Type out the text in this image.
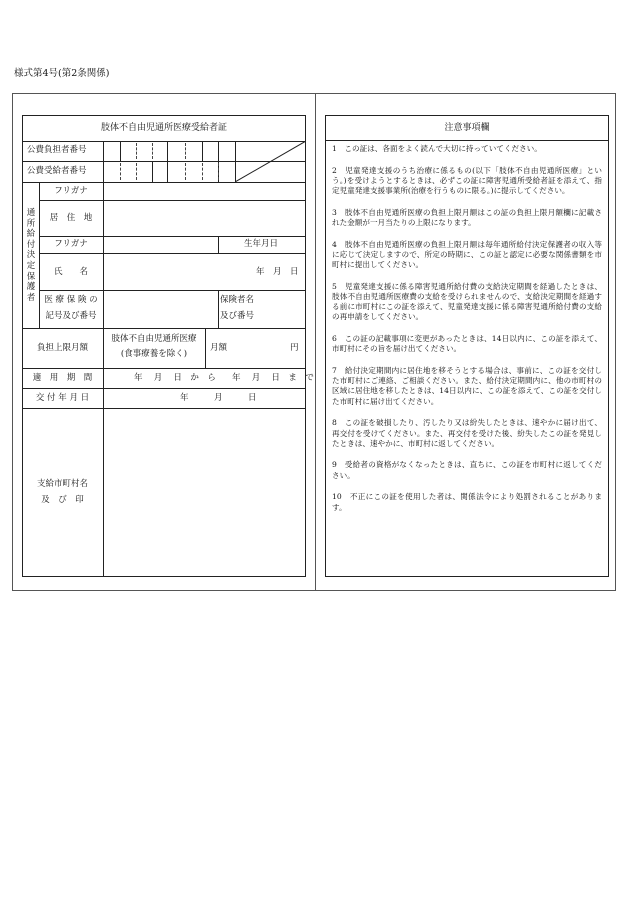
様式第4号(第2条関係)
肢体不自由児通所医療受給者証
公費負担者番号
公費受給者番号
通
所
給
付
決
定
保
護
者
フリガナ
居　住　地
フリガナ	生年月日
氏　　名	年　月　日
医 療 保 険 の
記号及び番号
保険者名
及び番号
負担上限月額
肢体不自由児通所医療
(食事療養を除く)
月額	円
適　用　期　間	年　 月　 日　か　ら 年　 月　 日　ま　で
交 付 年 月 日	年　　　月　　　日
支給市町村名
及　び　印
注意事項欄

1　この証は、各面をよく読んで大切に持っていてください。

2　児童発達支援のうち治療に係るもの(以下「肢体不自由児通所医療」という。)を受けようとするときは、必ずこの証に障害児通所受給者証を添えて、指定児童発達支援事業所(治療を行うものに限る。)に提示してください。

3　肢体不自由児通所医療の負担上限月額はこの証の負担上限月額欄に記載された金額が一月当たりの上限になります。

4　肢体不自由児通所医療の負担上限月額は毎年通所給付決定保護者の収入等に応じて決定しますので、所定の時期に、この証と認定に必要な関係書類を市町村に提出してください。

5　児童発達支援に係る障害児通所給付費の支給決定期間を経過したときは、肢体不自由児通所医療費の支給を受けられませんので、支給決定期間を経過する前に市町村にこの証を添えて、児童発達支援に係る障害児通所給付費の支給の再申請をしてください。

6　この証の記載事項に変更があったときは、14日以内に、この証を添えて、市町村にその旨を届け出てください。

7　給付決定期間内に居住地を移そうとする場合は、事前に、この証を交付した市町村にご連絡、ご相談ください。また、給付決定期間内に、他の市町村の区域に居住地を移したときは、14日以内に、この証を添えて、この証を交付した市町村に届け出てください。

8　この証を破損したり、汚したり又は紛失したときは、速やかに届け出て、再交付を受けてください。また、再交付を受けた後、紛失したこの証を発見したときは、速やかに、市町村に返してください。

9　受給者の資格がなくなったときは、直ちに、この証を市町村に返してください。

10　不正にこの証を使用した者は、関係法令により処罰されることがあります。
